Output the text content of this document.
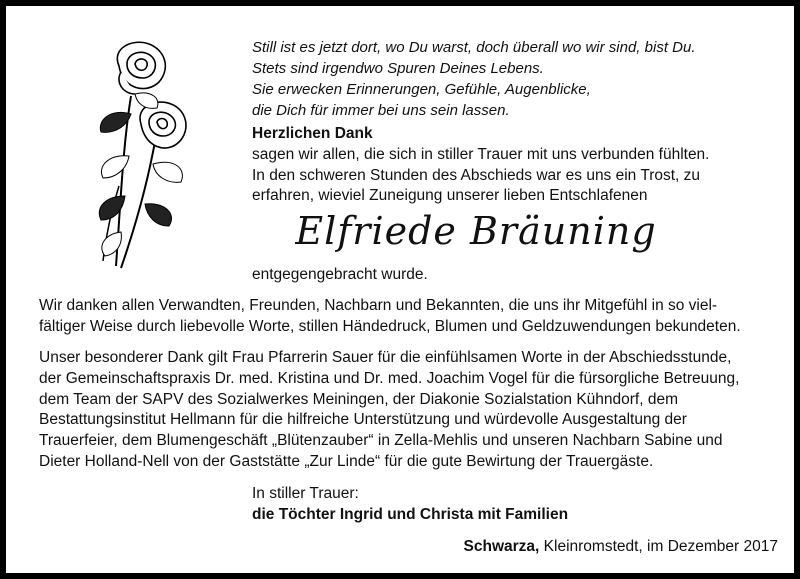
Still ist es jetzt dort, wo Du warst, doch überall wo wir sind, bist Du.
Stets sind irgendwo Spuren Deines Lebens.
Sie erwecken Erinnerungen, Gefühle, Augenblicke,
die Dich für immer bei uns sein lassen.
Herzlichen Dank
sagen wir allen, die sich in stiller Trauer mit uns verbunden fühlten.
In den schweren Stunden des Abschieds war es uns ein Trost, zu
erfahren, wieviel Zuneigung unserer lieben Entschlafenen
Elfriede Bräuning
entgegengebracht wurde.
Wir danken allen Verwandten, Freunden, Nachbarn und Bekannten, die uns ihr Mitgefühl in so viel-
fältiger Weise durch liebevolle Worte, stillen Händedruck, Blumen und Geldzuwendungen bekundeten.
Unser besonderer Dank gilt Frau Pfarrerin Sauer für die einfühlsamen Worte in der Abschiedsstunde,
der Gemeinschaftspraxis Dr. med. Kristina und Dr. med. Joachim Vogel für die fürsorgliche Betreuung,
dem Team der SAPV des Sozialwerkes Meiningen, der Diakonie Sozialstation Kühndorf, dem
Bestattungsinstitut Hellmann für die hilfreiche Unterstützung und würdevolle Ausgestaltung der
Trauerfeier, dem Blumengeschäft „Blütenzauber“ in Zella-Mehlis und unseren Nachbarn Sabine und
Dieter Holland-Nell von der Gaststätte „Zur Linde“ für die gute Bewirtung der Trauergäste.
In stiller Trauer:
die Töchter Ingrid und Christa mit Familien
Schwarza, Kleinromstedt, im Dezember 2017
